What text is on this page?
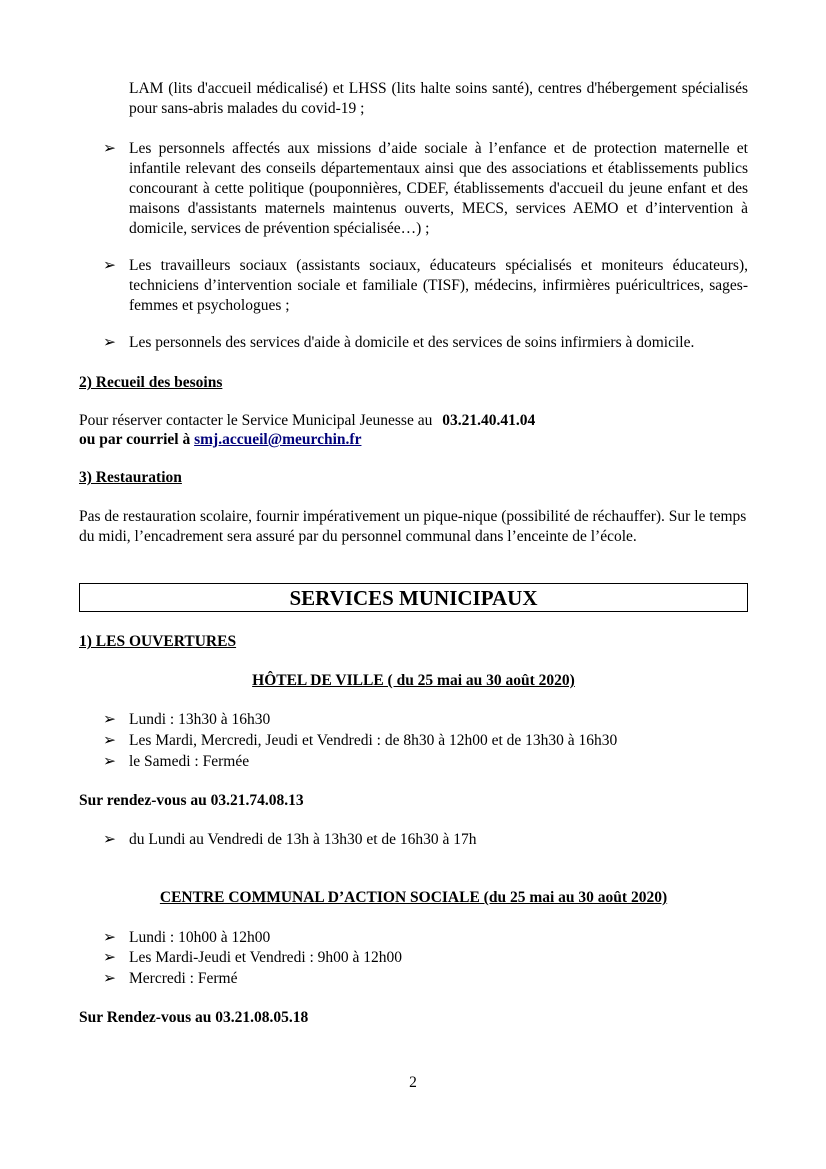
LAM (lits d'accueil médicalisé) et LHSS (lits halte soins santé), centres d'hébergement spécialisés pour sans-abris malades du covid-19 ;
➢ Les personnels affectés aux missions d’aide sociale à l’enfance et de protection maternelle et infantile relevant des conseils départementaux ainsi que des associations et établissements publics concourant à cette politique (pouponnières, CDEF, établissements d'accueil du jeune enfant et des maisons d'assistants maternels maintenus ouverts, MECS, services AEMO et d’intervention à domicile, services de prévention spécialisée…) ;
➢ Les travailleurs sociaux (assistants sociaux, éducateurs spécialisés et moniteurs éducateurs), techniciens d’intervention sociale et familiale (TISF), médecins, infirmières puéricultrices, sages-femmes et psychologues ;
➢ Les personnels des services d'aide à domicile et des services de soins infirmiers à domicile.
2) Recueil des besoins
Pour réserver contacter le Service Municipal Jeunesse au 03.21.40.41.04
ou par courriel à smj.accueil@meurchin.fr
3) Restauration
Pas de restauration scolaire, fournir impérativement un pique-nique (possibilité de réchauffer). Sur le temps du midi, l’encadrement sera assuré par du personnel communal dans l’enceinte de l’école.
SERVICES MUNICIPAUX
1) LES OUVERTURES
HÔTEL DE VILLE ( du 25 mai au 30 août 2020)
➢ Lundi : 13h30 à 16h30
➢ Les Mardi, Mercredi, Jeudi et Vendredi : de 8h30 à 12h00 et de 13h30 à 16h30
➢ le Samedi : Fermée
Sur rendez-vous au 03.21.74.08.13
➢ du Lundi au Vendredi de 13h à 13h30 et de 16h30 à 17h
CENTRE COMMUNAL D’ACTION SOCIALE (du 25 mai au 30 août 2020)
➢ Lundi : 10h00 à 12h00
➢ Les Mardi-Jeudi et Vendredi : 9h00 à 12h00
➢ Mercredi : Fermé
Sur Rendez-vous au 03.21.08.05.18
2
